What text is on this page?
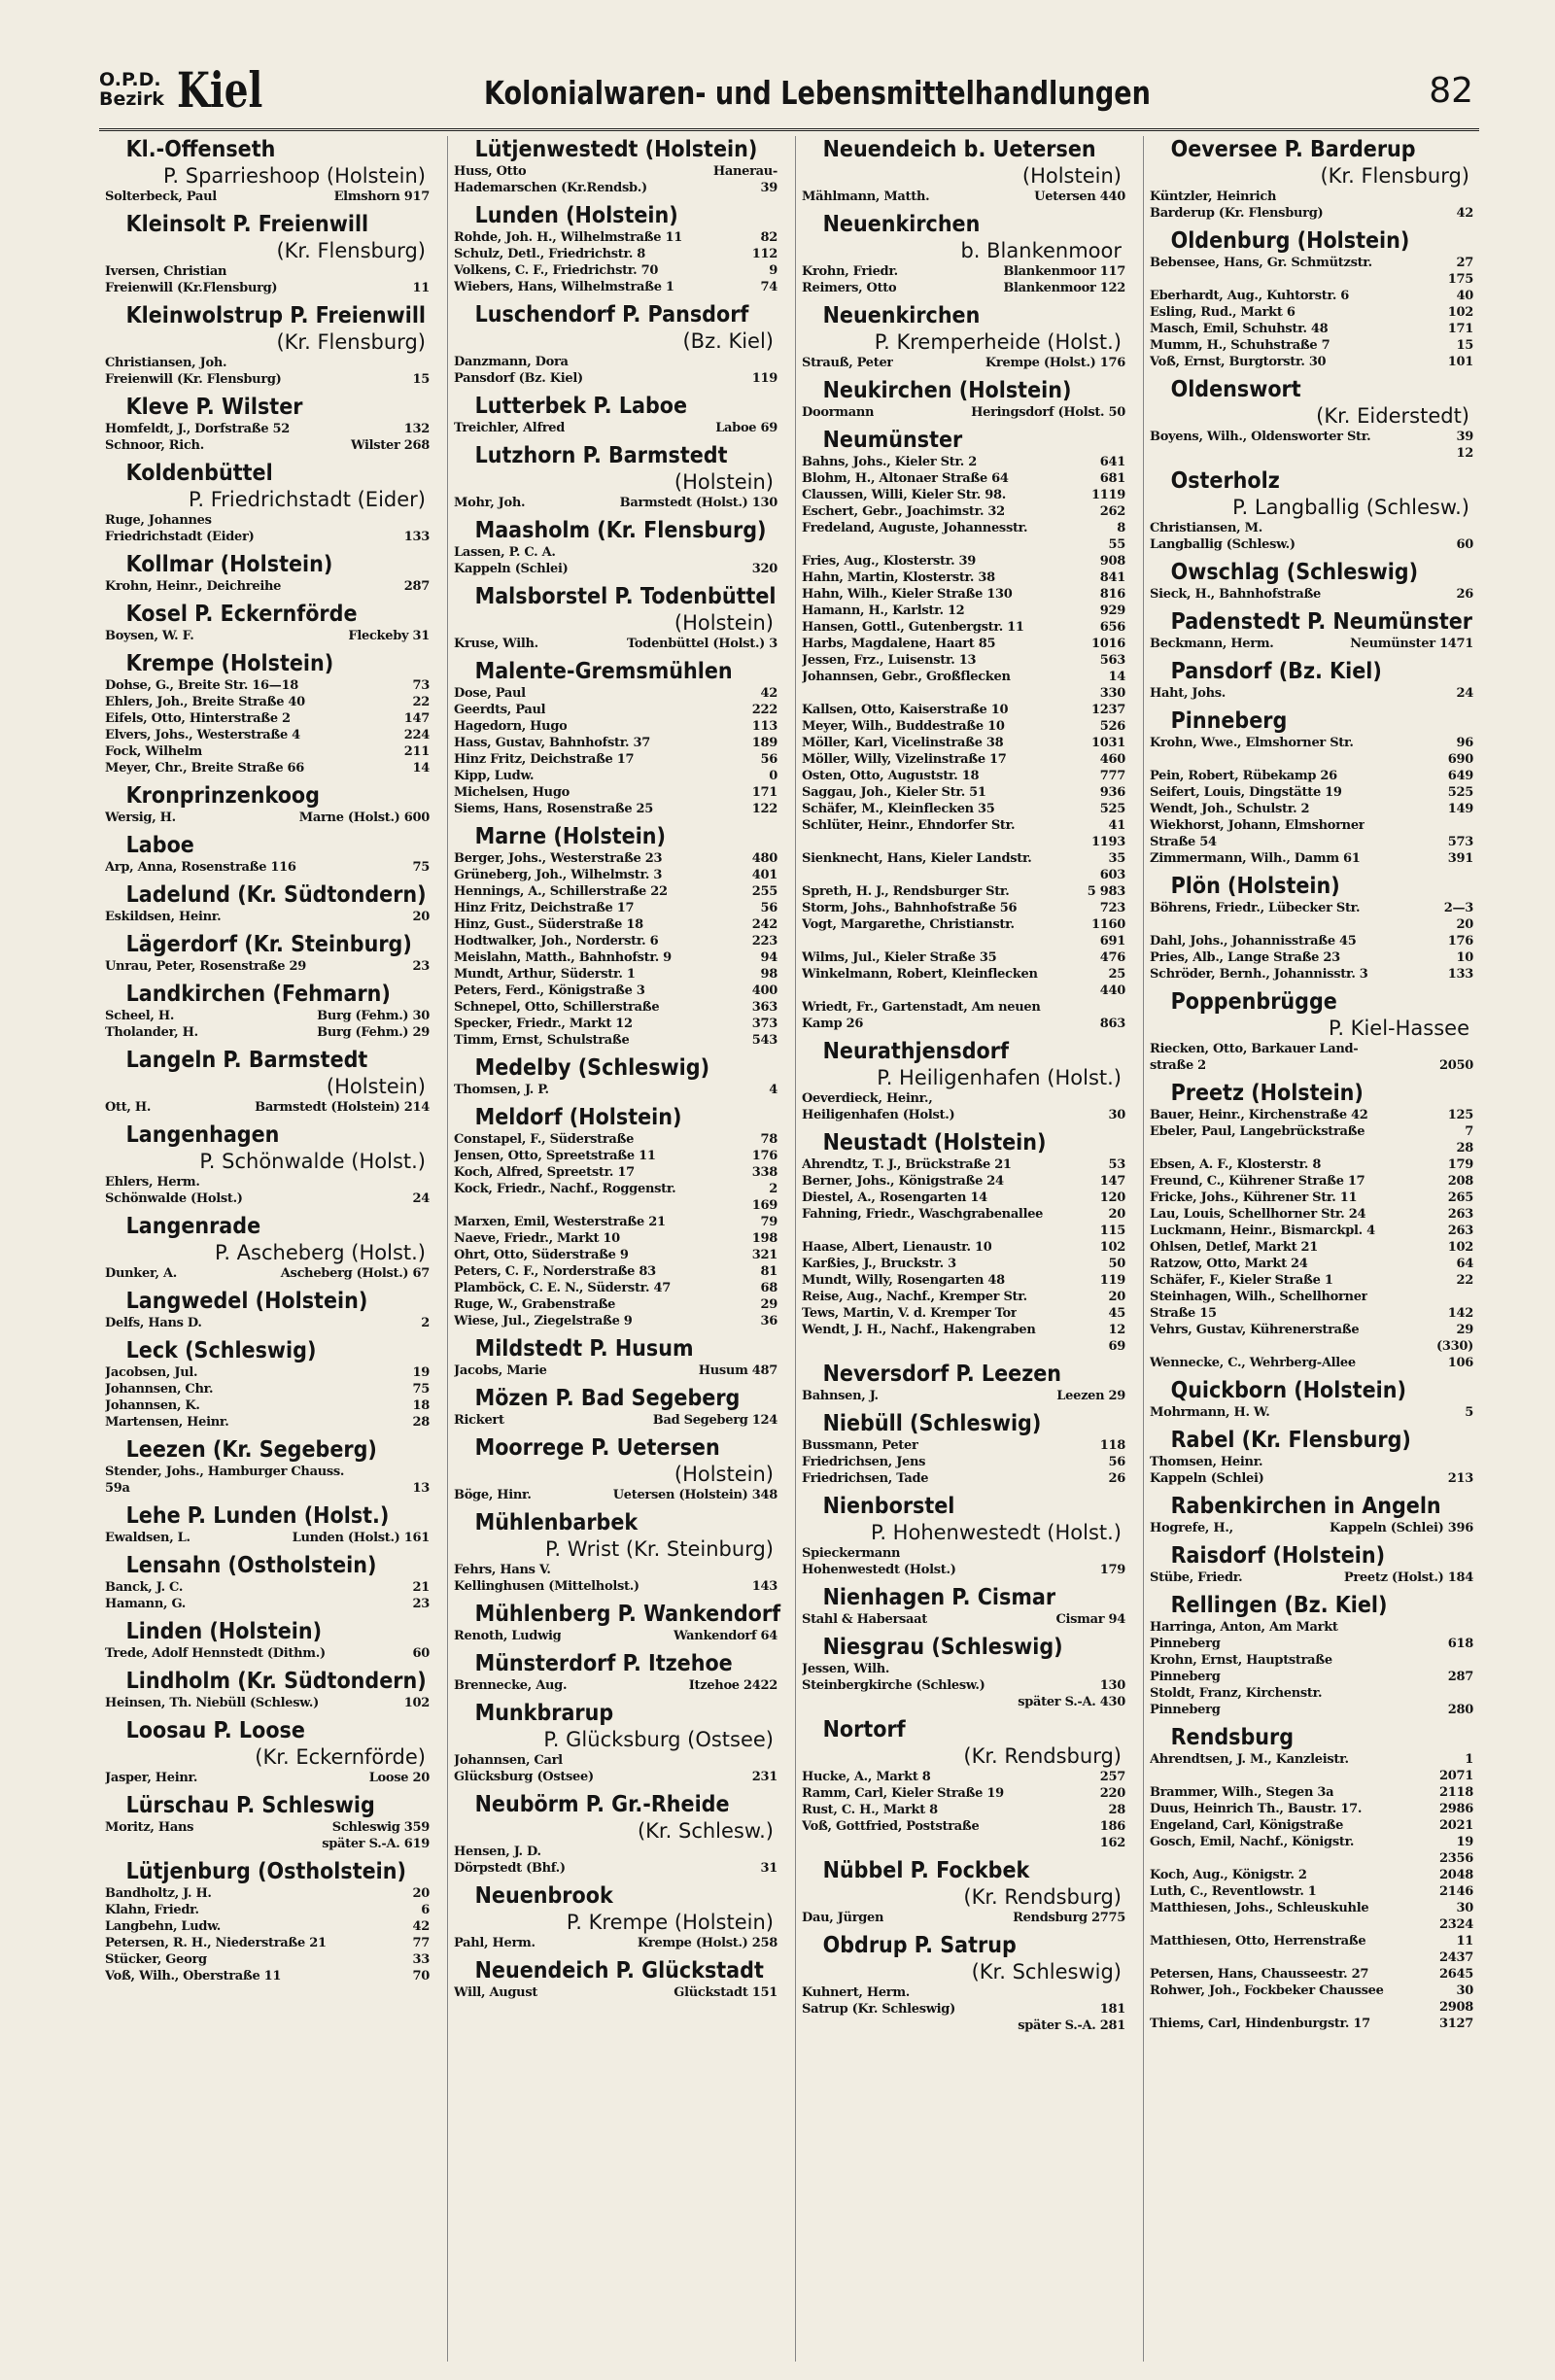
O.P.D.
Bezirk Kiel	Kolonialwaren- und Lebensmittelhandlungen	82
Kl.-Offenseth
P. Sparrieshoop (Holstein)
Solterbeck, Paul	Elmshorn 917
Kleinsolt P. Freienwill
(Kr. Flensburg)
Iversen, Christian
Freienwill (Kr.Flensburg)	11
Kleinwolstrup P. Freienwill
(Kr. Flensburg)
Christiansen, Joh.
Freienwill (Kr. Flensburg)	15
Kleve P. Wilster
Homfeldt, J., Dorfstraße 52	132
Schnoor, Rich.	Wilster 268
Koldenbüttel
P. Friedrichstadt (Eider)
Ruge, Johannes
Friedrichstadt (Eider)	133
Kollmar (Holstein)
Krohn, Heinr., Deichreihe	287
Kosel P. Eckernförde
Boysen, W. F.	Fleckeby 31
Krempe (Holstein)
Dohse, G., Breite Str. 16—18	73
Ehlers, Joh., Breite Straße 40	22
Eifels, Otto, Hinterstraße 2	147
Elvers, Johs., Westerstraße 4	224
Fock, Wilhelm	211
Meyer, Chr., Breite Straße 66	14
Kronprinzenkoog
Wersig, H.	Marne (Holst.) 600
Laboe
Arp, Anna, Rosenstraße 116	75
Ladelund (Kr. Südtondern)
Eskildsen, Heinr.	20
Lägerdorf (Kr. Steinburg)
Unrau, Peter, Rosenstraße 29	23
Landkirchen (Fehmarn)
Scheel, H.	Burg (Fehm.) 30
Tholander, H.	Burg (Fehm.) 29
Langeln P. Barmstedt
(Holstein)
Ott, H.	Barmstedt (Holstein) 214
Langenhagen
P. Schönwalde (Holst.)
Ehlers, Herm.
Schönwalde (Holst.)	24
Langenrade
P. Ascheberg (Holst.)
Dunker, A.	Ascheberg (Holst.) 67
Langwedel (Holstein)
Delfs, Hans D.	2
Leck (Schleswig)
Jacobsen, Jul.	19
Johannsen, Chr.	75
Johannsen, K.	18
Martensen, Heinr.	28
Leezen (Kr. Segeberg)
Stender, Johs., Hamburger Chauss.
59a	13
Lehe P. Lunden (Holst.)
Ewaldsen, L.	Lunden (Holst.) 161
Lensahn (Ostholstein)
Banck, J. C.	21
Hamann, G.	23
Linden (Holstein)
Trede, Adolf Hennstedt (Dithm.)	60
Lindholm (Kr. Südtondern)
Heinsen, Th. Niebüll (Schlesw.)	102
Loosau P. Loose
(Kr. Eckernförde)
Jasper, Heinr.	Loose 20
Lürschau P. Schleswig
Moritz, Hans	Schleswig 359
später S.-A. 619
Lütjenburg (Ostholstein)
Bandholtz, J. H.	20
Klahn, Friedr.	6
Langbehn, Ludw.	42
Petersen, R. H., Niederstraße 21	77
Stücker, Georg	33
Voß, Wilh., Oberstraße 11	70
Lütjenwestedt (Holstein)
Huss, Otto	Hanerau-
Hademarschen (Kr.Rendsb.)	39
Lunden (Holstein)
Rohde, Joh. H., Wilhelmstraße 11	82
Schulz, Detl., Friedrichstr. 8	112
Volkens, C. F., Friedrichstr. 70	9
Wiebers, Hans, Wilhelmstraße 1	74
Luschendorf P. Pansdorf
(Bz. Kiel)
Danzmann, Dora
Pansdorf (Bz. Kiel)	119
Lutterbek P. Laboe
Treichler, Alfred	Laboe 69
Lutzhorn P. Barmstedt
(Holstein)
Mohr, Joh.	Barmstedt (Holst.) 130
Maasholm (Kr. Flensburg)
Lassen, P. C. A.
Kappeln (Schlei)	320
Malsborstel P. Todenbüttel
(Holstein)
Kruse, Wilh.	Todenbüttel (Holst.) 3
Malente-Gremsmühlen
Dose, Paul	42
Geerdts, Paul	222
Hagedorn, Hugo	113
Hass, Gustav, Bahnhofstr. 37	189
Hinz Fritz, Deichstraße 17	56
Kipp, Ludw.	0
Michelsen, Hugo	171
Siems, Hans, Rosenstraße 25	122
Marne (Holstein)
Berger, Johs., Westerstraße 23	480
Grüneberg, Joh., Wilhelmstr. 3	401
Hennings, A., Schillerstraße 22	255
Hinz Fritz, Deichstraße 17	56
Hinz, Gust., Süderstraße 18	242
Hodtwalker, Joh., Norderstr. 6	223
Meislahn, Matth., Bahnhofstr. 9	94
Mundt, Arthur, Süderstr. 1	98
Peters, Ferd., Königstraße 3	400
Schnepel, Otto, Schillerstraße	363
Specker, Friedr., Markt 12	373
Timm, Ernst, Schulstraße	543
Medelby (Schleswig)
Thomsen, J. P.	4
Meldorf (Holstein)
Constapel, F., Süderstraße	78
Jensen, Otto, Spreetstraße 11	176
Koch, Alfred, Spreetstr. 17	338
Kock, Friedr., Nachf., Roggenstr.	2
169
Marxen, Emil, Westerstraße 21	79
Naeve, Friedr., Markt 10	198
Ohrt, Otto, Süderstraße 9	321
Peters, C. F., Norderstraße 83	81
Plamböck, C. E. N., Süderstr. 47	68
Ruge, W., Grabenstraße	29
Wiese, Jul., Ziegelstraße 9	36
Mildstedt P. Husum
Jacobs, Marie	Husum 487
Mözen P. Bad Segeberg
Rickert	Bad Segeberg 124
Moorrege P. Uetersen
(Holstein)
Böge, Hinr.	Uetersen (Holstein) 348
Mühlenbarbek
P. Wrist (Kr. Steinburg)
Fehrs, Hans V.
Kellinghusen (Mittelholst.)	143
Mühlenberg P. Wankendorf
Renoth, Ludwig	Wankendorf 64
Münsterdorf P. Itzehoe
Brennecke, Aug.	Itzehoe 2422
Munkbrarup
P. Glücksburg (Ostsee)
Johannsen, Carl
Glücksburg (Ostsee)	231
Neubörm P. Gr.-Rheide
(Kr. Schlesw.)
Hensen, J. D.
Dörpstedt (Bhf.)	31
Neuenbrook
P. Krempe (Holstein)
Pahl, Herm.	Krempe (Holst.) 258
Neuendeich P. Glückstadt
Will, August	Glückstadt 151
Neuendeich b. Uetersen
(Holstein)
Mählmann, Matth.	Uetersen 440
Neuenkirchen
b. Blankenmoor
Krohn, Friedr.	Blankenmoor 117
Reimers, Otto	Blankenmoor 122
Neuenkirchen
P. Kremperheide (Holst.)
Strauß, Peter	Krempe (Holst.) 176
Neukirchen (Holstein)
Doormann	Heringsdorf (Holst. 50
Neumünster
Bahns, Johs., Kieler Str. 2	641
Blohm, H., Altonaer Straße 64	681
Claussen, Willi, Kieler Str. 98.	1119
Eschert, Gebr., Joachimstr. 32	262
Fredeland, Auguste, Johannesstr.	8
55
Fries, Aug., Klosterstr. 39	908
Hahn, Martin, Klosterstr. 38	841
Hahn, Wilh., Kieler Straße 130	816
Hamann, H., Karlstr. 12	929
Hansen, Gottl., Gutenbergstr. 11	656
Harbs, Magdalene, Haart 85	1016
Jessen, Frz., Luisenstr. 13	563
Johannsen, Gebr., Großflecken	14
330
Kallsen, Otto, Kaiserstraße 10	1237
Meyer, Wilh., Buddestraße 10	526
Möller, Karl, Vicelinstraße 38	1031
Möller, Willy, Vizelinstraße 17	460
Osten, Otto, Auguststr. 18	777
Saggau, Joh., Kieler Str. 51	936
Schäfer, M., Kleinflecken 35	525
Schlüter, Heinr., Ehndorfer Str.	41
1193
Sienknecht, Hans, Kieler Landstr.	35
603
Spreth, H. J., Rendsburger Str.	5 983
Storm, Johs., Bahnhofstraße 56	723
Vogt, Margarethe, Christianstr.	1160
691
Wilms, Jul., Kieler Straße 35	476
Winkelmann, Robert, Kleinflecken	25
440
Wriedt, Fr., Gartenstadt, Am neuen
Kamp 26	863
Neurathjensdorf
P. Heiligenhafen (Holst.)
Oeverdieck, Heinr.,
Heiligenhafen (Holst.)	30
Neustadt (Holstein)
Ahrendtz, T. J., Brückstraße 21	53
Berner, Johs., Königstraße 24	147
Diestel, A., Rosengarten 14	120
Fahning, Friedr., Waschgrabenallee	20
115
Haase, Albert, Lienaustr. 10	102
Karßies, J., Bruckstr. 3	50
Mundt, Willy, Rosengarten 48	119
Reise, Aug., Nachf., Kremper Str.	20
Tews, Martin, V. d. Kremper Tor	45
Wendt, J. H., Nachf., Hakengraben	12
69
Neversdorf P. Leezen
Bahnsen, J.	Leezen 29
Niebüll (Schleswig)
Bussmann, Peter	118
Friedrichsen, Jens	56
Friedrichsen, Tade	26
Nienborstel
P. Hohenwestedt (Holst.)
Spieckermann
Hohenwestedt (Holst.)	179
Nienhagen P. Cismar
Stahl & Habersaat	Cismar 94
Niesgrau (Schleswig)
Jessen, Wilh.
Steinbergkirche (Schlesw.)	130
später S.-A. 430
Nortorf
(Kr. Rendsburg)
Hucke, A., Markt 8	257
Ramm, Carl, Kieler Straße 19	220
Rust, C. H., Markt 8	28
Voß, Gottfried, Poststraße	186
162
Nübbel P. Fockbek
(Kr. Rendsburg)
Dau, Jürgen	Rendsburg 2775
Obdrup P. Satrup
(Kr. Schleswig)
Kuhnert, Herm.
Satrup (Kr. Schleswig)	181
später S.-A. 281
Oeversee P. Barderup
(Kr. Flensburg)
Küntzler, Heinrich
Barderup (Kr. Flensburg)	42
Oldenburg (Holstein)
Bebensee, Hans, Gr. Schmützstr.	27
175
Eberhardt, Aug., Kuhtorstr. 6	40
Esling, Rud., Markt 6	102
Masch, Emil, Schuhstr. 48	171
Mumm, H., Schuhstraße 7	15
Voß, Ernst, Burgtorstr. 30	101
Oldenswort
(Kr. Eiderstedt)
Boyens, Wilh., Oldensworter Str.	39
12
Osterholz
P. Langballig (Schlesw.)
Christiansen, M.
Langballig (Schlesw.)	60
Owschlag (Schleswig)
Sieck, H., Bahnhofstraße	26
Padenstedt P. Neumünster
Beckmann, Herm.	Neumünster 1471
Pansdorf (Bz. Kiel)
Haht, Johs.	24
Pinneberg
Krohn, Wwe., Elmshorner Str.	96
690
Pein, Robert, Rübekamp 26	649
Seifert, Louis, Dingstätte 19	525
Wendt, Joh., Schulstr. 2	149
Wiekhorst, Johann, Elmshorner
Straße 54	573
Zimmermann, Wilh., Damm 61	391
Plön (Holstein)
Böhrens, Friedr., Lübecker Str.	2—3
20
Dahl, Johs., Johannisstraße 45	176
Pries, Alb., Lange Straße 23	10
Schröder, Bernh., Johannisstr. 3	133
Poppenbrügge
P. Kiel-Hassee
Riecken, Otto, Barkauer Land-
straße 2	2050
Preetz (Holstein)
Bauer, Heinr., Kirchenstraße 42	125
Ebeler, Paul, Langebrückstraße	7
28
Ebsen, A. F., Klosterstr. 8	179
Freund, C., Kührener Straße 17	208
Fricke, Johs., Kührener Str. 11	265
Lau, Louis, Schellhorner Str. 24	263
Luckmann, Heinr., Bismarckpl. 4	263
Ohlsen, Detlef, Markt 21	102
Ratzow, Otto, Markt 24	64
Schäfer, F., Kieler Straße 1	22
Steinhagen, Wilh., Schellhorner
Straße 15	142
Vehrs, Gustav, Kührenerstraße	29
(330)
Wennecke, C., Wehrberg-Allee	106
Quickborn (Holstein)
Mohrmann, H. W.	5
Rabel (Kr. Flensburg)
Thomsen, Heinr.
Kappeln (Schlei)	213
Rabenkirchen in Angeln
Hogrefe, H.,	Kappeln (Schlei) 396
Raisdorf (Holstein)
Stübe, Friedr.	Preetz (Holst.) 184
Rellingen (Bz. Kiel)
Harringa, Anton, Am Markt
Pinneberg	618
Krohn, Ernst, Hauptstraße
Pinneberg	287
Stoldt, Franz, Kirchenstr.
Pinneberg	280
Rendsburg
Ahrendtsen, J. M., Kanzleistr.	1
2071
Brammer, Wilh., Stegen 3a	2118
Duus, Heinrich Th., Baustr. 17.	2986
Engeland, Carl, Königstraße	2021
Gosch, Emil, Nachf., Königstr.	19
2356
Koch, Aug., Königstr. 2	2048
Luth, C., Reventlowstr. 1	2146
Matthiesen, Johs., Schleuskuhle	30
2324
Matthiesen, Otto, Herrenstraße	11
2437
Petersen, Hans, Chausseestr. 27	2645
Rohwer, Joh., Fockbeker Chaussee	30
2908
Thiems, Carl, Hindenburgstr. 17	3127
